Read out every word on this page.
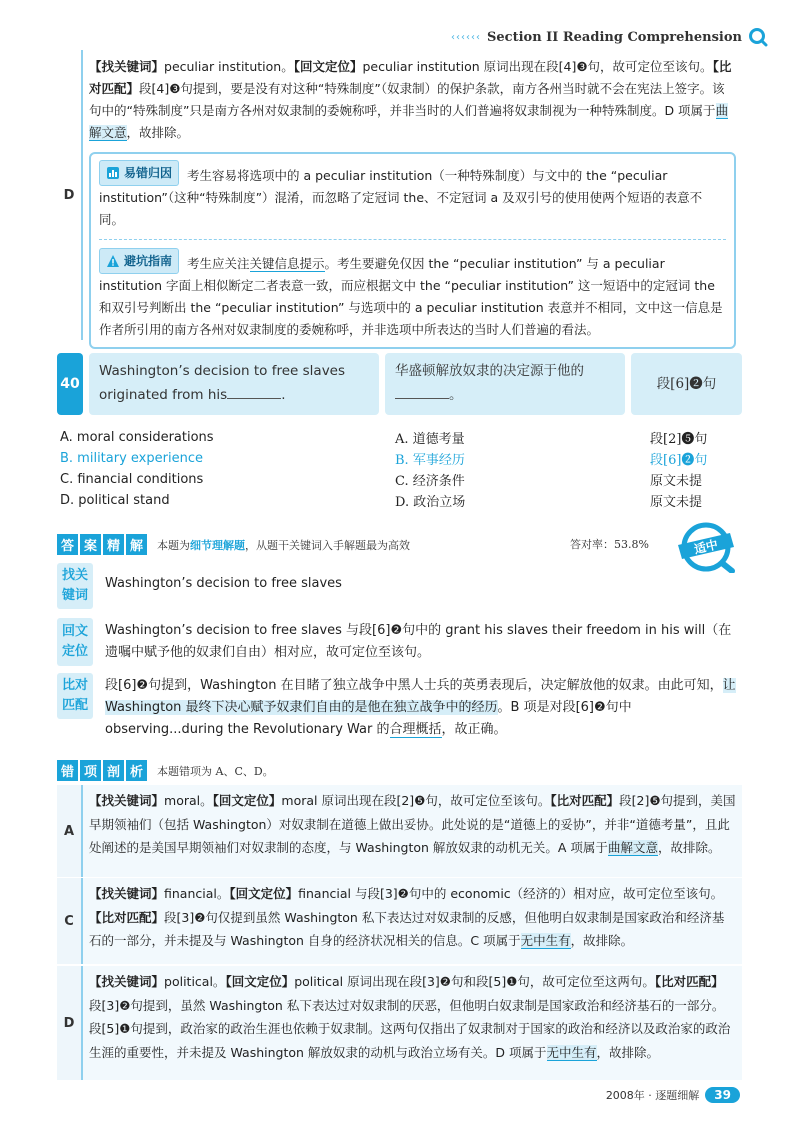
‹‹‹‹‹‹ Section II Reading Comprehension
D
【找关键词】peculiar institution。【回文定位】peculiar institution 原词出现在段[4]❸句，故可定位至该句。【比对匹配】段[4]❸句提到，要是没有对这种“特殊制度”（奴隶制）的保护条款，南方各州当时就不会在宪法上签字。该句中的“特殊制度”只是南方各州对奴隶制的委婉称呼，并非当时的人们普遍将奴隶制视为一种特殊制度。D 项属于曲解文意，故排除。
易错归因 考生容易将选项中的 a peculiar institution（一种特殊制度）与文中的 the “peculiar institution”（这种“特殊制度”）混淆，而忽略了定冠词 the、不定冠词 a 及双引号的使用使两个短语的表意不同。
避坑指南 考生应关注关键信息提示。考生要避免仅因 the “peculiar institution” 与 a peculiar institution 字面上相似断定二者表意一致，而应根据文中 the “peculiar institution” 这一短语中的定冠词 the 和双引号判断出 the “peculiar institution” 与选项中的 a peculiar institution 表意并不相同，文中这一信息是作者所引用的南方各州对奴隶制度的委婉称呼，并非选项中所表达的当时人们普遍的看法。
40
Washington’s decision to free slaves originated from his	.
华盛顿解放奴隶的决定源于他的。
段[6]❷句
A. moral considerations	A. 道德考量	段[2]❺句
B. military experience	B. 军事经历	段[6]❷句
C. financial conditions	C. 经济条件	原文未提
D. political stand	D. 政治立场	原文未提
答 案 精 解	本题为细节理解题，从题干关键词入手解题最为高效	答对率：53.8%	适中
找关键词
Washington’s decision to free slaves
回文定位
Washington’s decision to free slaves 与段[6]❷句中的 grant his slaves their freedom in his will（在遗嘱中赋予他的奴隶们自由）相对应，故可定位至该句。
比对匹配
段[6]❷句提到，Washington 在目睹了独立战争中黑人士兵的英勇表现后，决定解放他的奴隶。由此可知，让 Washington 最终下决心赋予奴隶们自由的是他在独立战争中的经历。B 项是对段[6]❷句中 observing...during the Revolutionary War 的合理概括，故正确。
错 项 剖 析	本题错项为 A、C、D。
A
【找关键词】moral。【回文定位】moral 原词出现在段[2]❺句，故可定位至该句。【比对匹配】段[2]❺句提到，美国早期领袖们（包括 Washington）对奴隶制在道德上做出妥协。此处说的是“道德上的妥协”，并非“道德考量”，且此处阐述的是美国早期领袖们对奴隶制的态度，与 Washington 解放奴隶的动机无关。A 项属于曲解文意，故排除。
C
【找关键词】financial。【回文定位】financial 与段[3]❷句中的 economic（经济的）相对应，故可定位至该句。【比对匹配】段[3]❷句仅提到虽然 Washington 私下表达过对奴隶制的反感，但他明白奴隶制是国家政治和经济基石的一部分，并未提及与 Washington 自身的经济状况相关的信息。C 项属于无中生有，故排除。
D
【找关键词】political。【回文定位】political 原词出现在段[3]❷句和段[5]❶句，故可定位至这两句。【比对匹配】段[3]❷句提到，虽然 Washington 私下表达过对奴隶制的厌恶，但他明白奴隶制是国家政治和经济基石的一部分。段[5]❶句提到，政治家的政治生涯也依赖于奴隶制。这两句仅指出了奴隶制对于国家的政治和经济以及政治家的政治生涯的重要性，并未提及 Washington 解放奴隶的动机与政治立场有关。D 项属于无中生有，故排除。
2008年 · 逐题细解	39
